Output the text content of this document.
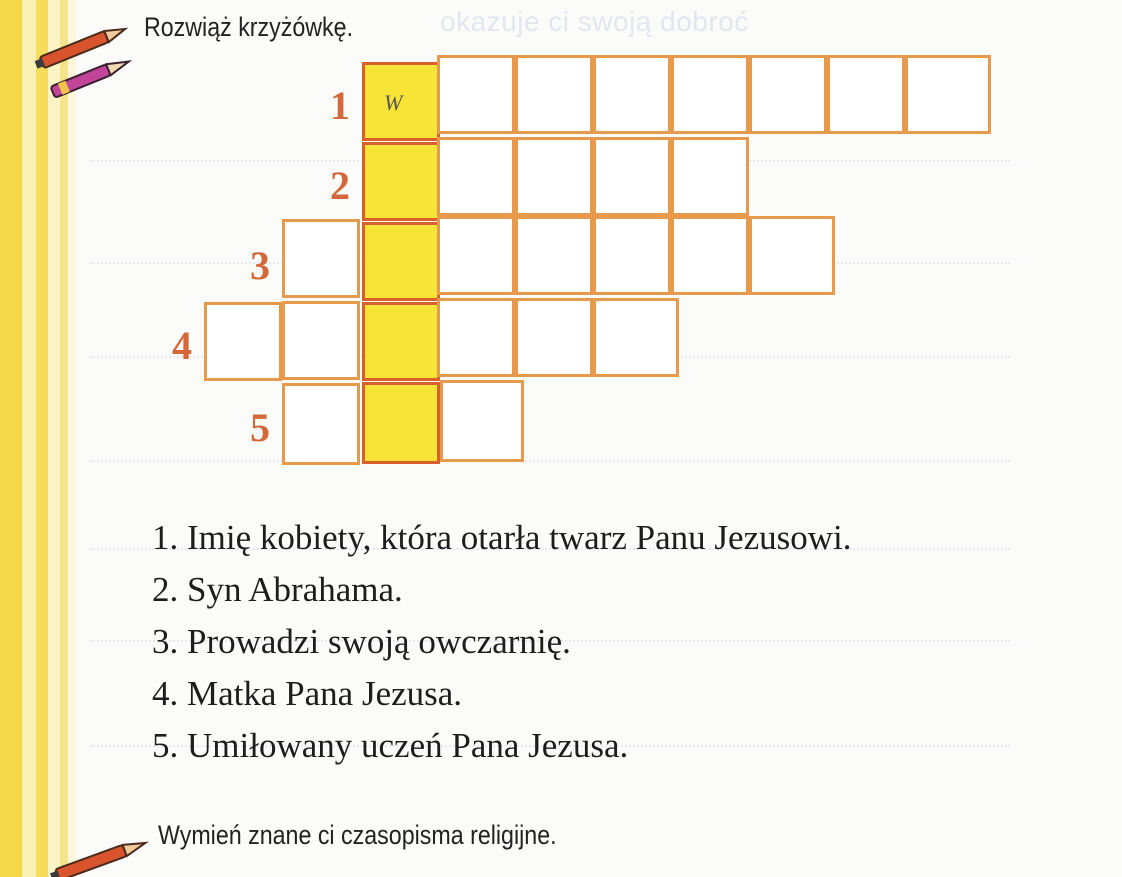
okazuje ci swoją dobroć
Rozwiąż krzyżówkę.
1 W
2
3
4
5
1. Imię kobiety, która otarła twarz Panu Jezusowi.
2. Syn Abrahama.
3. Prowadzi swoją owczarnię.
4. Matka Pana Jezusa.
5. Umiłowany uczeń Pana Jezusa.
Wymień znane ci czasopisma religijne.
